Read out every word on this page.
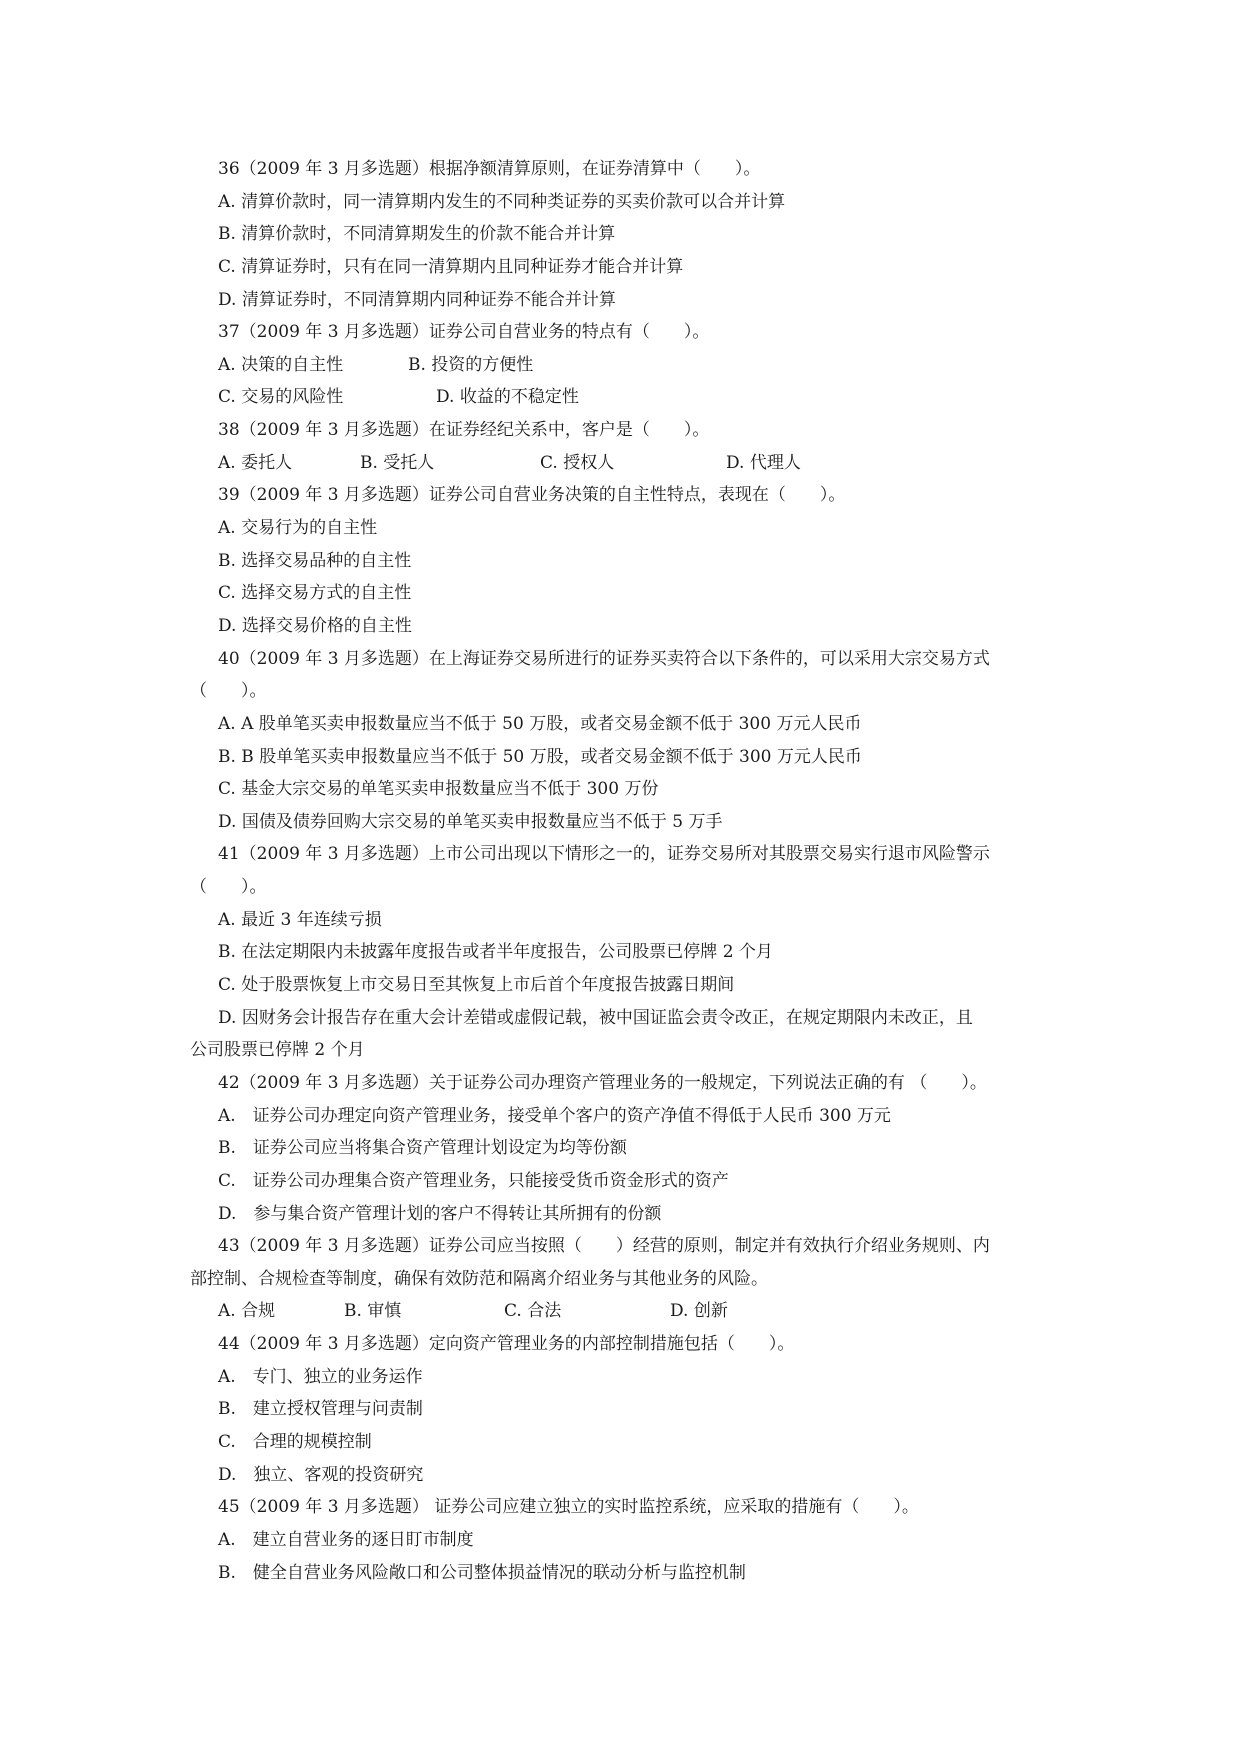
36（2009 年 3 月多选题）根据净额清算原则，在证券清算中（　　）。
A. 清算价款时，同一清算期内发生的不同种类证券的买卖价款可以合并计算
B. 清算价款时，不同清算期发生的价款不能合并计算
C. 清算证券时，只有在同一清算期内且同种证券才能合并计算
D. 清算证券时，不同清算期内同种证券不能合并计算
37（2009 年 3 月多选题）证券公司自营业务的特点有（　　）。
A. 决策的自主性	B. 投资的方便性
C. 交易的风险性	D. 收益的不稳定性
38（2009 年 3 月多选题）在证券经纪关系中，客户是（　　）。
A. 委托人	B. 受托人	C. 授权人	D. 代理人
39（2009 年 3 月多选题）证券公司自营业务决策的自主性特点，表现在（　　）。
A. 交易行为的自主性
B. 选择交易品种的自主性
C. 选择交易方式的自主性
D. 选择交易价格的自主性
40（2009 年 3 月多选题）在上海证券交易所进行的证券买卖符合以下条件的，可以采用大宗交易方式
（　　）。
A. A 股单笔买卖申报数量应当不低于 50 万股，或者交易金额不低于 300 万元人民币
B. B 股单笔买卖申报数量应当不低于 50 万股，或者交易金额不低于 300 万元人民币
C. 基金大宗交易的单笔买卖申报数量应当不低于 300 万份
D. 国债及债券回购大宗交易的单笔买卖申报数量应当不低于 5 万手
41（2009 年 3 月多选题）上市公司出现以下情形之一的，证券交易所对其股票交易实行退市风险警示
（　　）。
A. 最近 3 年连续亏损
B. 在法定期限内未披露年度报告或者半年度报告，公司股票已停牌 2 个月
C. 处于股票恢复上市交易日至其恢复上市后首个年度报告披露日期间
D. 因财务会计报告存在重大会计差错或虚假记载，被中国证监会责令改正，在规定期限内未改正，且
公司股票已停牌 2 个月
42（2009 年 3 月多选题）关于证券公司办理资产管理业务的一般规定，下列说法正确的有 （　　）。
A.　证券公司办理定向资产管理业务，接受单个客户的资产净值不得低于人民币 300 万元
B.　证券公司应当将集合资产管理计划设定为均等份额
C.　证券公司办理集合资产管理业务，只能接受货币资金形式的资产
D.　参与集合资产管理计划的客户不得转让其所拥有的份额
43（2009 年 3 月多选题）证券公司应当按照（　　）经营的原则，制定并有效执行介绍业务规则、内
部控制、合规检查等制度，确保有效防范和隔离介绍业务与其他业务的风险。
A. 合规	B. 审慎	C. 合法	D. 创新
44（2009 年 3 月多选题）定向资产管理业务的内部控制措施包括（　　）。
A.　专门、独立的业务运作
B.　建立授权管理与问责制
C.　合理的规模控制
D.　独立、客观的投资研究
45（2009 年 3 月多选题） 证券公司应建立独立的实时监控系统，应采取的措施有（　　）。
A.　建立自营业务的逐日盯市制度
B.　健全自营业务风险敞口和公司整体损益情况的联动分析与监控机制
